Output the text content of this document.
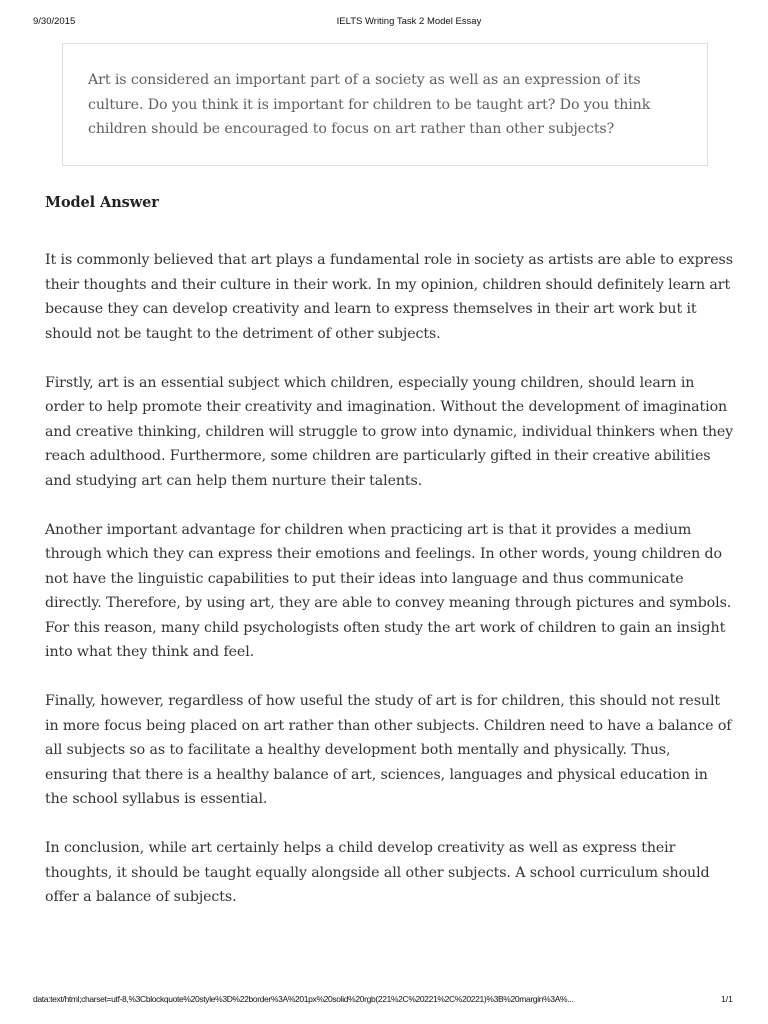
9/30/2015	IELTS Writing Task 2 Model Essay
Art is considered an important part of a society as well as an expression of its culture. Do you think it is important for children to be taught art? Do you think children should be encouraged to focus on art rather than other subjects?
Model Answer

It is commonly believed that art plays a fundamental role in society as artists are able to express their thoughts and their culture in their work. In my opinion, children should definitely learn art because they can develop creativity and learn to express themselves in their art work but it should not be taught to the detriment of other subjects.

Firstly, art is an essential subject which children, especially young children, should learn in order to help promote their creativity and imagination. Without the development of imagination and creative thinking, children will struggle to grow into dynamic, individual thinkers when they reach adulthood. Furthermore, some children are particularly gifted in their creative abilities and studying art can help them nurture their talents.

Another important advantage for children when practicing art is that it provides a medium through which they can express their emotions and feelings. In other words, young children do not have the linguistic capabilities to put their ideas into language and thus communicate directly. Therefore, by using art, they are able to convey meaning through pictures and symbols. For this reason, many child psychologists often study the art work of children to gain an insight into what they think and feel.

Finally, however, regardless of how useful the study of art is for children, this should not result in more focus being placed on art rather than other subjects. Children need to have a balance of all subjects so as to facilitate a healthy development both mentally and physically. Thus, ensuring that there is a healthy balance of art, sciences, languages and physical education in the school syllabus is essential.

In conclusion, while art certainly helps a child develop creativity as well as express their thoughts, it should be taught equally alongside all other subjects. A school curriculum should offer a balance of subjects.

data:text/html;charset=utf-8,%3Cblockquote%20style%3D%22border%3A%201px%20solid%20rgb(221%2C%20221%2C%20221)%3B%20margin%3A%...	1/1
